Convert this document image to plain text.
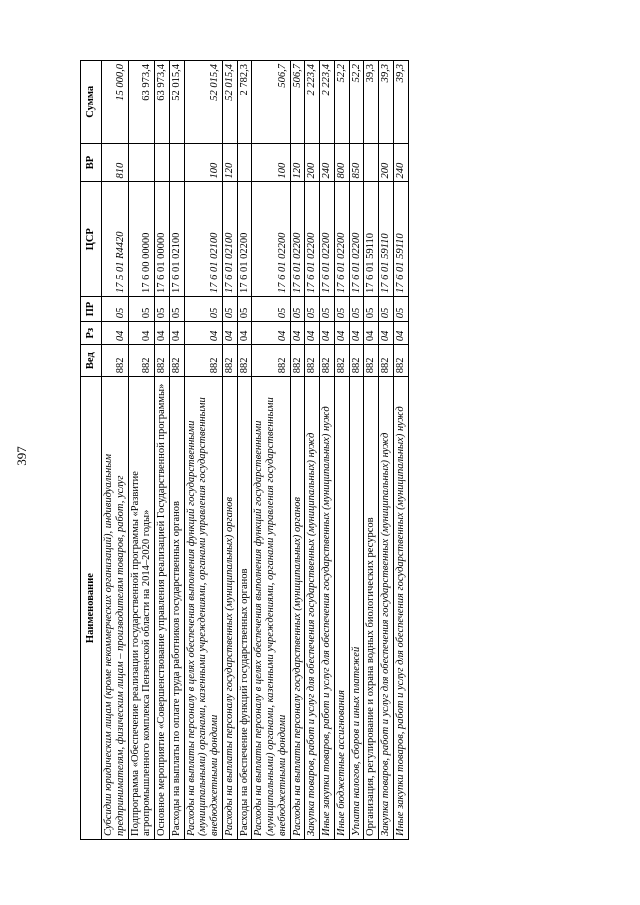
397
Наименование	Вед	Рз	ПР	ЦСР	ВР	Сумма
Субсидии юридическим лицам (кроме некоммерческих организаций), индивидуальным предпринимателям, физическим лицам – производителям товаров, работ, услуг	882	04	05	17 5 01 R4420	810	15 000,0
Подпрограмма «Обеспечение реализации государственной программы «Развитие агропромышленного комплекса Пензенской области на 2014–2020 годы»	882	04	05	17 6 00 00000		63 973,4
Основное мероприятие «Совершенствование управления реализацией Государственной программы»	882	04	05	17 6 01 00000		63 973,4
Расходы на выплаты по оплате труда работников государственных органов	882	04	05	17 6 01 02100		52 015,4
Расходы на выплаты персоналу в целях обеспечения выполнения функций государственными (муниципальными) органами, казенными учреждениями, органами управления государственными внебюджетными фондами	882	04	05	17 6 01 02100	100	52 015,4
Расходы на выплаты персоналу государственных (муниципальных) органов	882	04	05	17 6 01 02100	120	52 015,4
Расходы на обеспечение функций государственных органов	882	04	05	17 6 01 02200		2 782,3
Расходы на выплаты персоналу в целях обеспечения выполнения функций государственными (муниципальными) органами, казенными учреждениями, органами управления государственными внебюджетными фондами	882	04	05	17 6 01 02200	100	506,7
Расходы на выплаты персоналу государственных (муниципальных) органов	882	04	05	17 6 01 02200	120	506,7
Закупка товаров, работ и услуг для обеспечения государственных (муниципальных) нужд	882	04	05	17 6 01 02200	200	2 223,4
Иные закупки товаров, работ и услуг для обеспечения государственных (муниципальных) нужд	882	04	05	17 6 01 02200	240	2 223,4
Иные бюджетные ассигнования	882	04	05	17 6 01 02200	800	52,2
Уплата налогов, сборов и иных платежей	882	04	05	17 6 01 02200	850	52,2
Организация, регулирование и охрана водных биологических ресурсов	882	04	05	17 6 01 59110		39,3
Закупка товаров, работ и услуг для обеспечения государственных (муниципальных) нужд	882	04	05	17 6 01 59110	200	39,3
Иные закупки товаров, работ и услуг для обеспечения государственных (муниципальных) нужд	882	04	05	17 6 01 59110	240	39,3
